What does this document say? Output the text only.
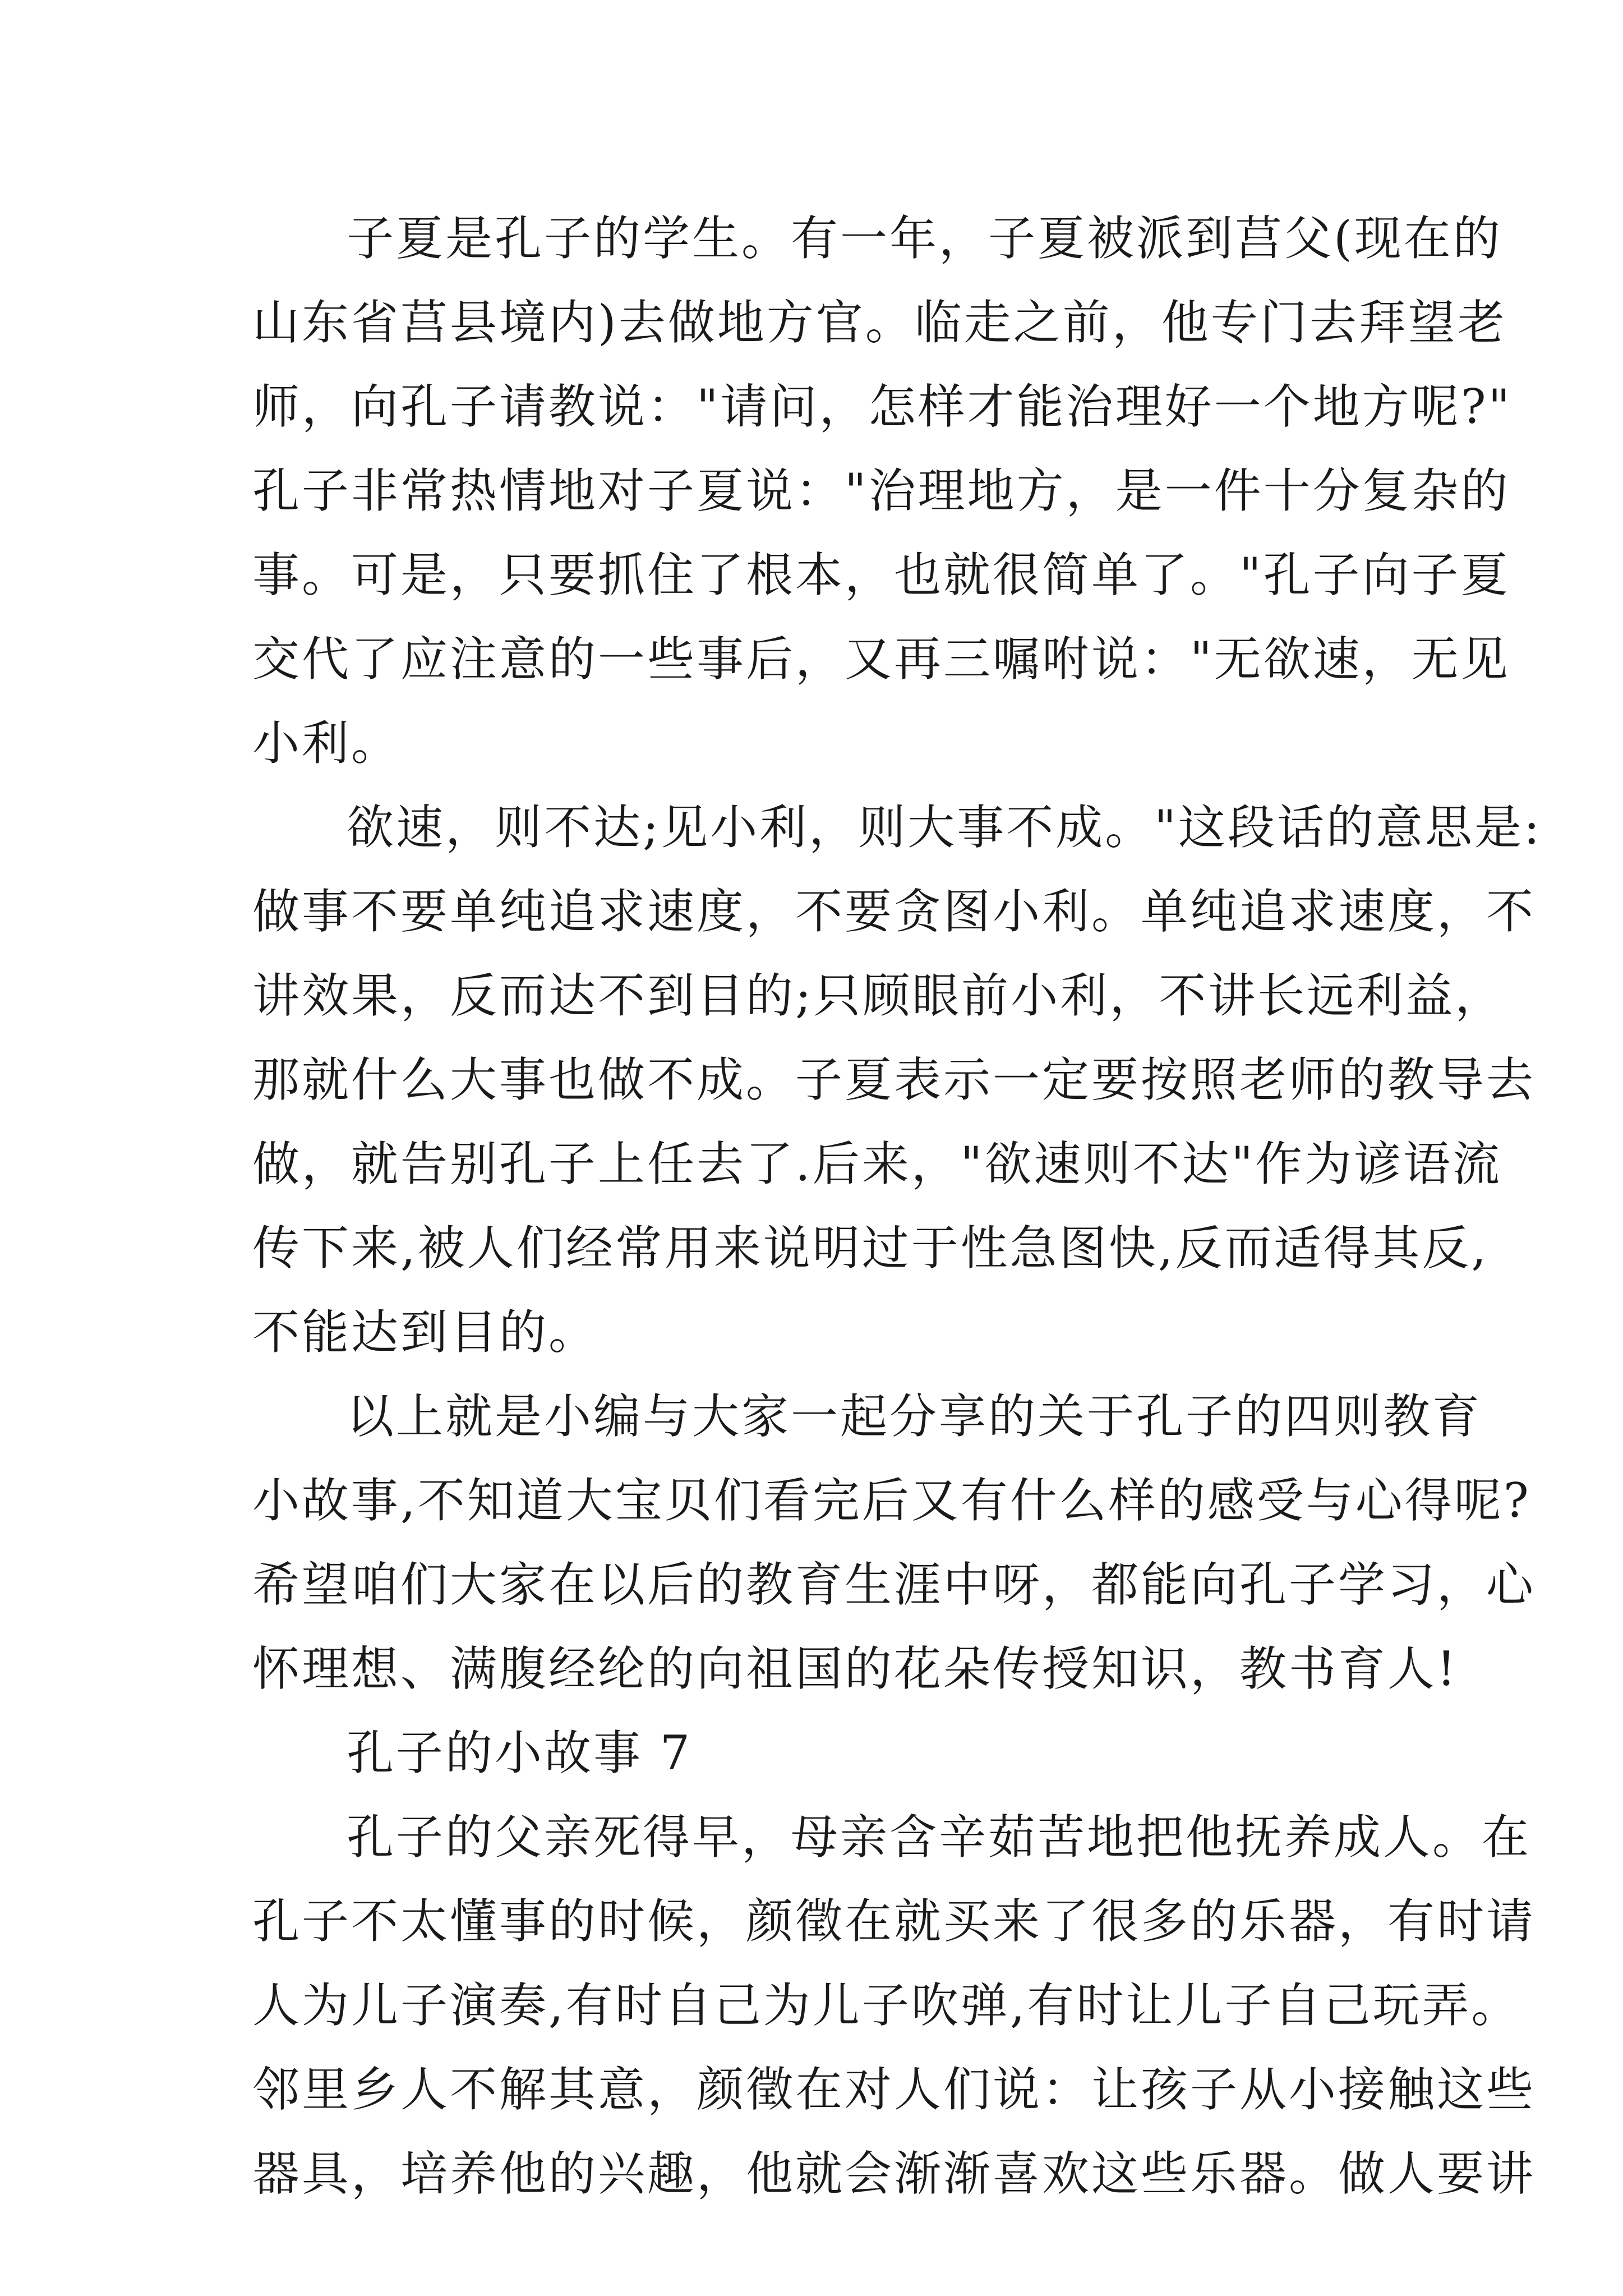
子夏是孔子的学生。有一年，子夏被派到莒父(现在的
山东省莒县境内)去做地方官。临走之前，他专门去拜望老
师，向孔子请教说："请问，怎样才能治理好一个地方呢?"
孔子非常热情地对子夏说："治理地方，是一件十分复杂的
事。可是，只要抓住了根本，也就很简单了。"孔子向子夏
交代了应注意的一些事后，又再三嘱咐说："无欲速，无见
小利。
欲速，则不达;见小利，则大事不成。"这段话的意思是:
做事不要单纯追求速度，不要贪图小利。单纯追求速度，不
讲效果，反而达不到目的;只顾眼前小利，不讲长远利益，
那就什么大事也做不成。子夏表示一定要按照老师的教导去
做，就告别孔子上任去了.后来，"欲速则不达"作为谚语流
传下来,被人们经常用来说明过于性急图快,反而适得其反,
不能达到目的。
以上就是小编与大家一起分享的关于孔子的四则教育
小故事,不知道大宝贝们看完后又有什么样的感受与心得呢?
希望咱们大家在以后的教育生涯中呀，都能向孔子学习，心
怀理想、满腹经纶的向祖国的花朵传授知识，教书育人!
孔子的小故事 7
孔子的父亲死得早，母亲含辛茹苦地把他抚养成人。在
孔子不太懂事的时候，颜徵在就买来了很多的乐器，有时请
人为儿子演奏,有时自己为儿子吹弹,有时让儿子自己玩弄。
邻里乡人不解其意，颜徵在对人们说：让孩子从小接触这些
器具，培养他的兴趣，他就会渐渐喜欢这些乐器。做人要讲
